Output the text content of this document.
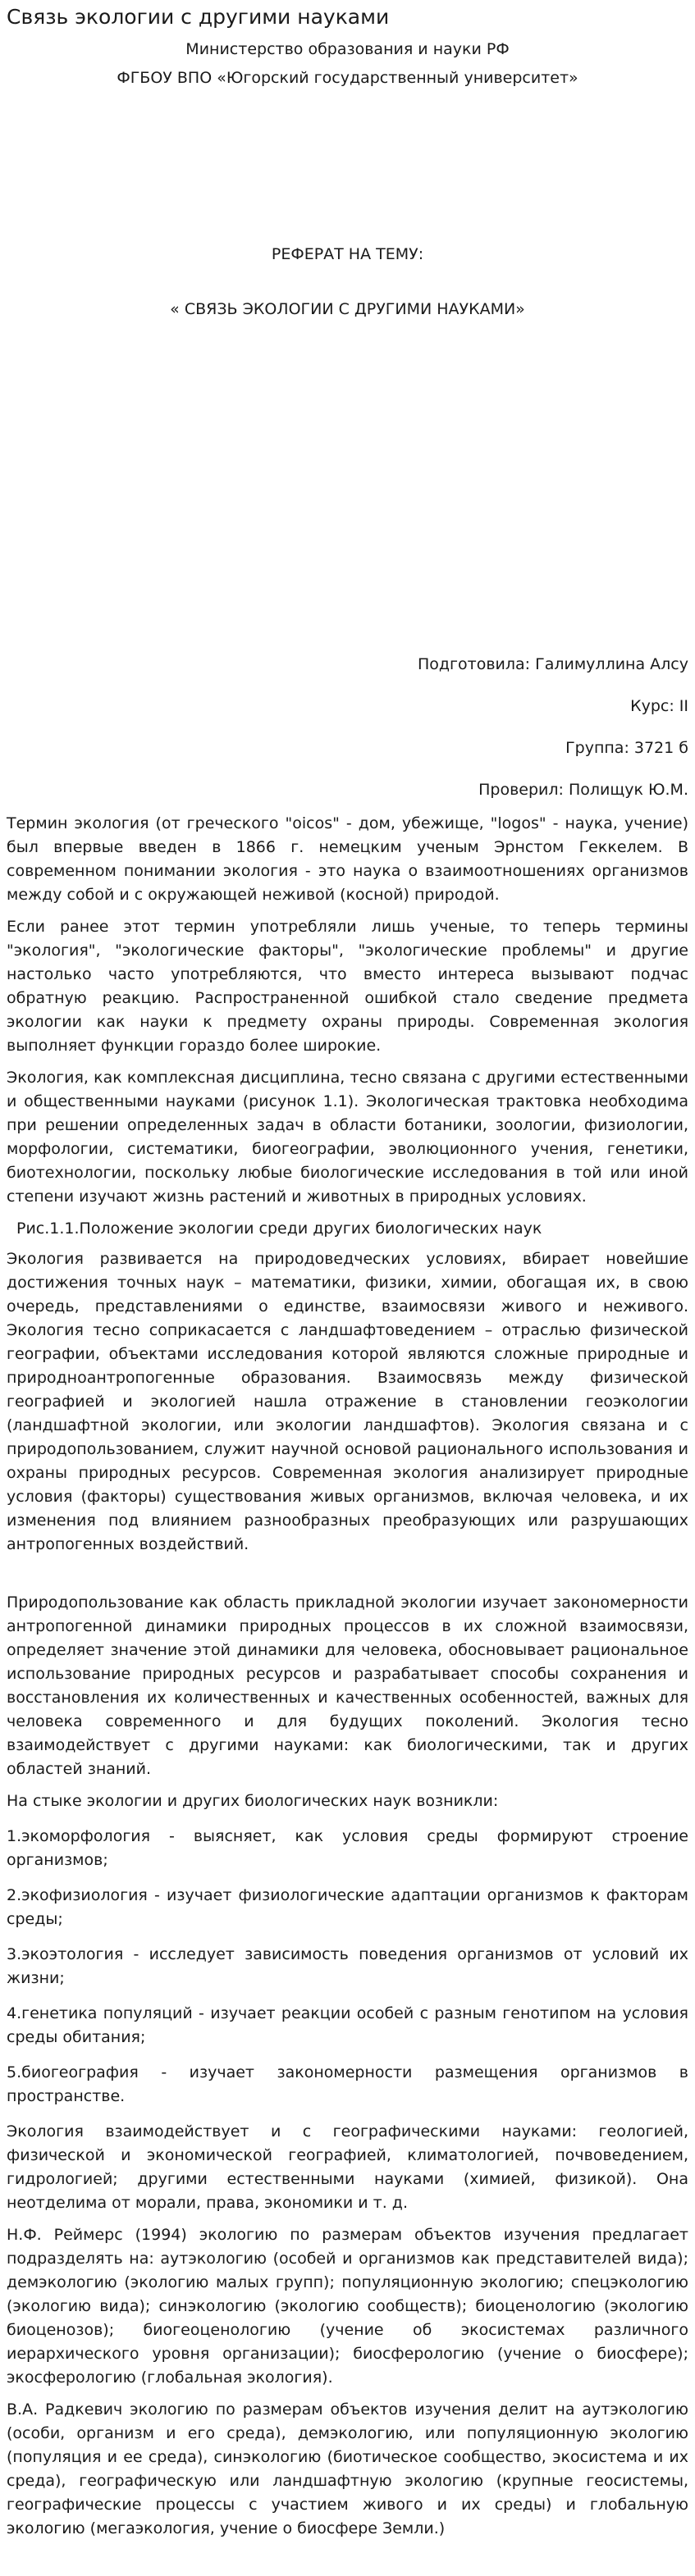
Связь экологии с другими науками

Министерство образования и науки РФ

ФГБОУ ВПО «Югорский государственный университет»

РЕФЕРАТ НА ТЕМУ:

« СВЯЗЬ ЭКОЛОГИИ С ДРУГИМИ НАУКАМИ»

Подготовила: Галимуллина Алсу

Курс: II

Группа: 3721 б

Проверил: Полищук Ю.М.

Термин экология (от греческого "oicos" - дом, убежище, "logos" - наука, учение) был впервые введен в 1866 г. немецким ученым Эрнстом Геккелем. В современном понимании экология - это наука о взаимоотношениях организмов между собой и с окружающей неживой (косной) природой.

Если ранее этот термин употребляли лишь ученые, то теперь термины "экология", "экологические факторы", "экологические проблемы" и другие настолько часто употребляются, что вместо интереса вызывают подчас обратную реакцию. Распространенной ошибкой стало сведение предмета экологии как науки к предмету охраны природы. Современная экология выполняет функции гораздо более широкие.

Экология, как комплексная дисциплина, тесно связана с другими естественными и общественными науками (рисунок 1.1). Экологическая трактовка необходима при решении определенных задач в области ботаники, зоологии, физиологии, морфологии, систематики, биогеографии, эволюционного учения, генетики, биотехнологии, поскольку любые биологические исследования в той или иной степени изучают жизнь растений и животных в природных условиях.

Рис.1.1.Положение экологии среди других биологических наук

Экология развивается на природоведческих условиях, вбирает новейшие достижения точных наук – математики, физики, химии, обогащая их, в свою очередь, представлениями о единстве, взаимосвязи живого и неживого. Экология тесно соприкасается с ландшафтоведением – отраслью физической географии, объектами исследования которой являются сложные природные и природноантропогенные образования. Взаимосвязь между физической географией и экологией нашла отражение в становлении геоэкологии (ландшафтной экологии, или экологии ландшафтов). Экология связана и с природопользованием, служит научной основой рационального использования и охраны природных ресурсов. Современная экология анализирует природные условия (факторы) существования живых организмов, включая человека, и их изменения под влиянием разнообразных преобразующих или разрушающих антропогенных воздействий.

Природопользование как область прикладной экологии изучает закономерности антропогенной динамики природных процессов в их сложной взаимосвязи, определяет значение этой динамики для человека, обосновывает рациональное использование природных ресурсов и разрабатывает способы сохранения и восстановления их количественных и качественных особенностей, важных для человека современного и для будущих поколений. Экология тесно взаимодействует с другими науками: как биологическими, так и других областей знаний.

На стыке экологии и других биологических наук возникли:

1.экоморфология - выясняет, как условия среды формируют строение организмов;

2.экофизиология - изучает физиологические адаптации организмов к факторам среды;

3.экоэтология - исследует зависимость поведения организмов от условий их жизни;

4.генетика популяций - изучает реакции особей с разным генотипом на условия среды обитания;

5.биогеография - изучает закономерности размещения организмов в пространстве.

Экология взаимодействует и с географическими науками: геологией, физической и экономической географией, климатологией, почвоведением, гидрологией; другими естественными науками (химией, физикой). Она неотделима от морали, права, экономики и т. д.

Н.Ф. Реймерс (1994) экологию по размерам объектов изучения предлагает подразделять на: аутэкологию (особей и организмов как представителей вида); демэкологию (экологию малых групп); популяционную экологию; спецэкологию (экологию вида); синэкологию (экологию сообществ); биоценологию (экологию биоценозов); биогеоценологию (учение об экосистемах различного иерархического уровня организации); биосферологию (учение о биосфере); экосферологию (глобальная экология).

В.А. Радкевич экологию по размерам объектов изучения делит на аутэкологию (особи, организм и его среда), демэкологию, или популяционную экологию (популяция и ее среда), синэкологию (биотическое сообщество, экосистема и их среда), географическую или ландшафтную экологию (крупные геосистемы, географические процессы с участием живого и их среды) и глобальную экологию (мегаэкология, учение о биосфере Земли.)
